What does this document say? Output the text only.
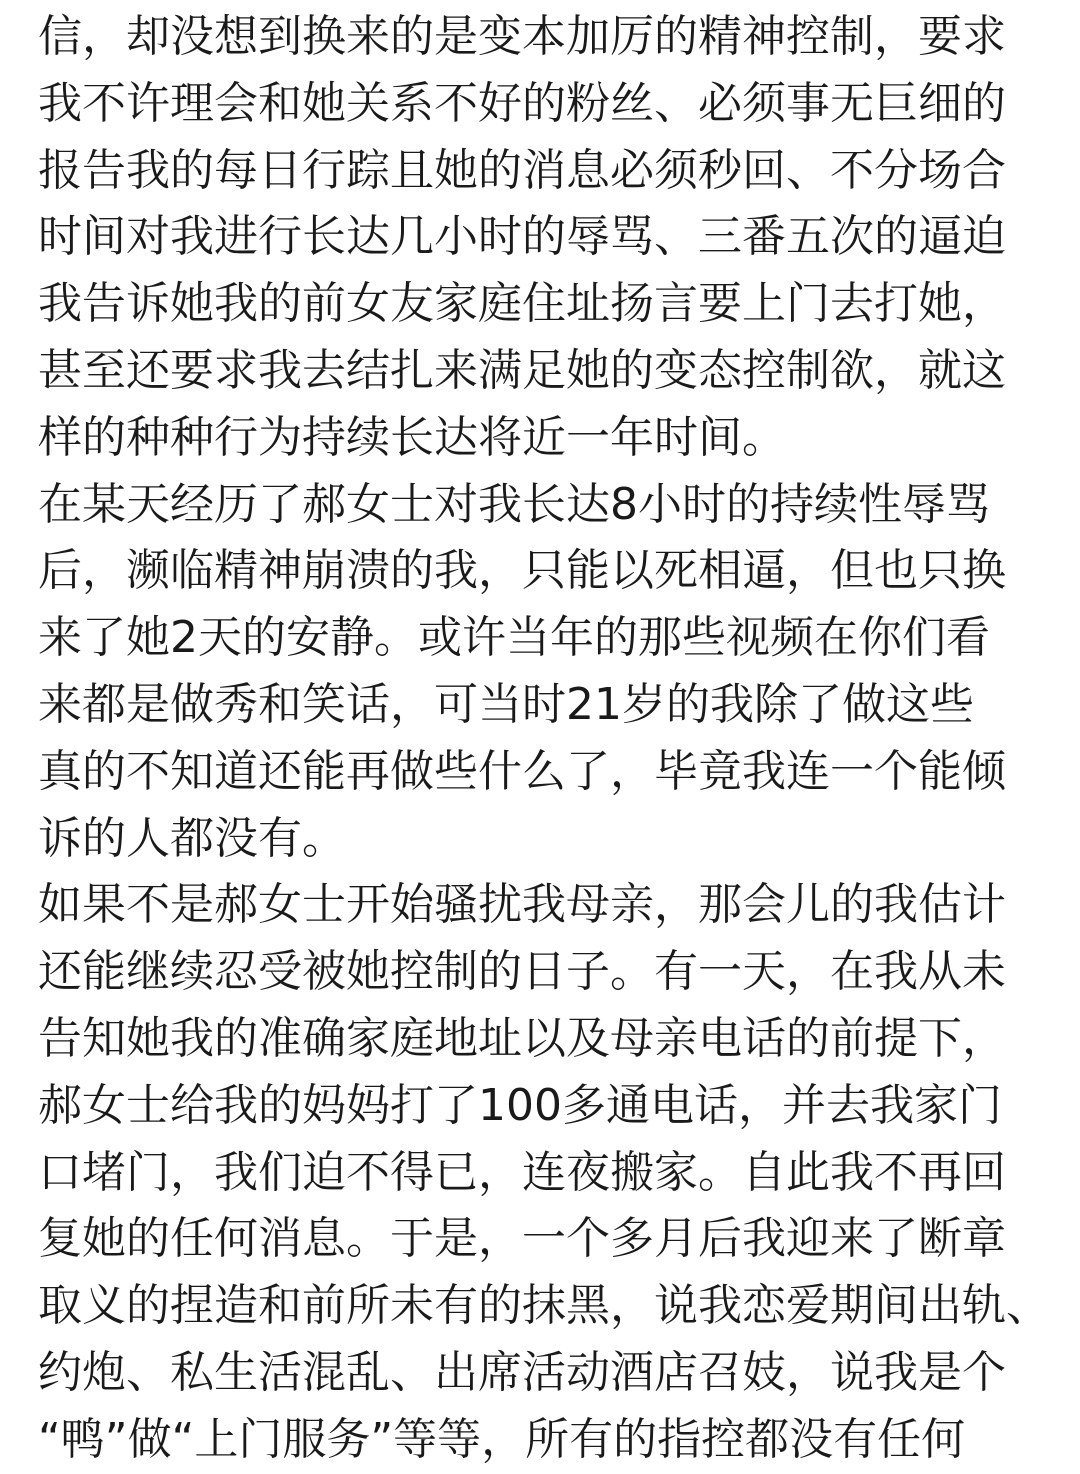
信，却没想到换来的是变本加厉的精神控制，要求
我不许理会和她关系不好的粉丝、必须事无巨细的
报告我的每日行踪且她的消息必须秒回、不分场合
时间对我进行长达几小时的辱骂、三番五次的逼迫
我告诉她我的前女友家庭住址扬言要上门去打她，
甚至还要求我去结扎来满足她的变态控制欲，就这
样的种种行为持续长达将近一年时间。
在某天经历了郝女士对我长达8小时的持续性辱骂
后，濒临精神崩溃的我，只能以死相逼，但也只换
来了她2天的安静。或许当年的那些视频在你们看
来都是做秀和笑话，可当时21岁的我除了做这些
真的不知道还能再做些什么了，毕竟我连一个能倾
诉的人都没有。
如果不是郝女士开始骚扰我母亲，那会儿的我估计
还能继续忍受被她控制的日子。有一天，在我从未
告知她我的准确家庭地址以及母亲电话的前提下，
郝女士给我的妈妈打了100多通电话，并去我家门
口堵门，我们迫不得已，连夜搬家。自此我不再回
复她的任何消息。于是，一个多月后我迎来了断章
取义的捏造和前所未有的抹黑，说我恋爱期间出轨、
约炮、私生活混乱、出席活动酒店召妓，说我是个
“鸭”做“上门服务”等等，所有的指控都没有任何
